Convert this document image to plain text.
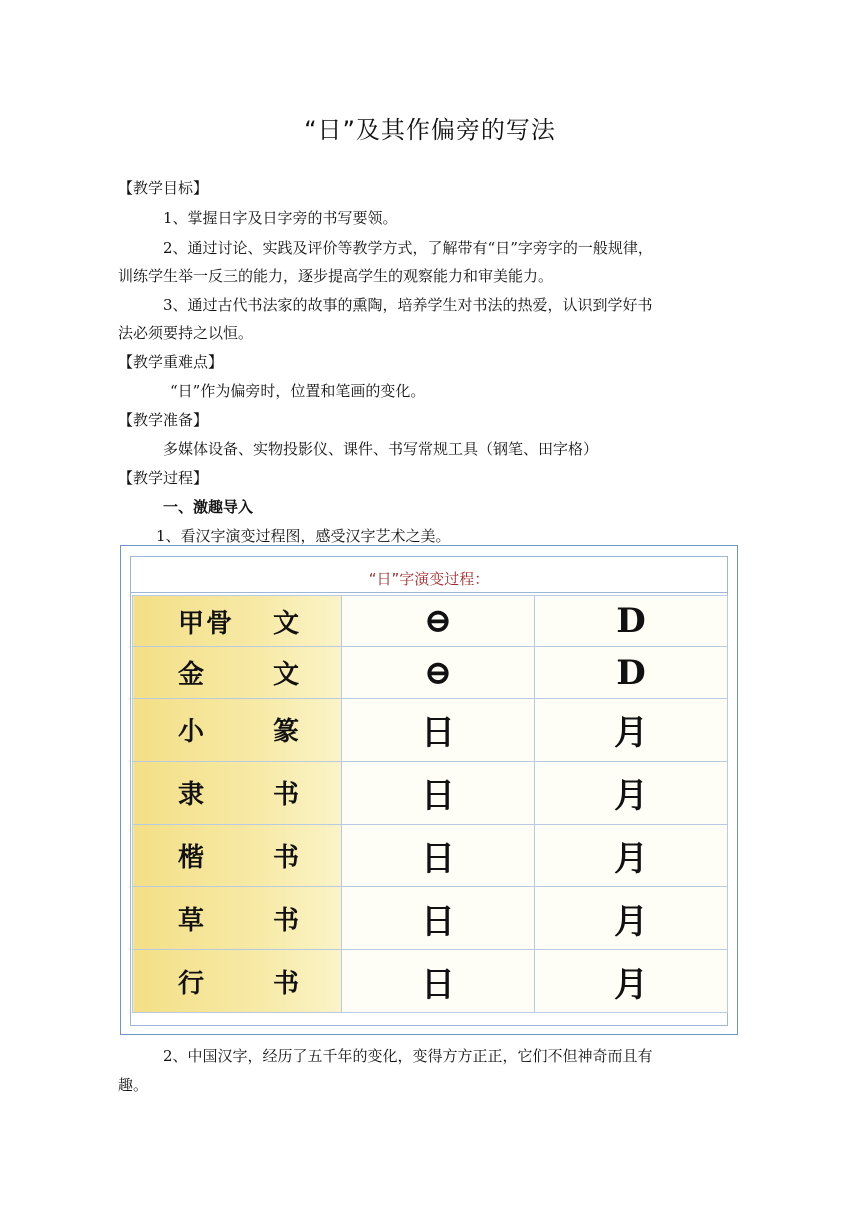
“日”及其作偏旁的写法
【教学目标】
1、掌握日字及日字旁的书写要领。
2、通过讨论、实践及评价等教学方式，了解带有“日”字旁字的一般规律，
训练学生举一反三的能力，逐步提高学生的观察能力和审美能力。
3、通过古代书法家的故事的熏陶，培养学生对书法的热爱，认识到学好书
法必须要持之以恒。
【教学重难点】
“日”作为偏旁时，位置和笔画的变化。
【教学准备】
多媒体设备、实物投影仪、课件、书写常规工具（钢笔、田字格）
【教学过程】
一、激趣导入
1、看汉字演变过程图，感受汉字艺术之美。
“日”字演变过程：
甲骨 文	⊖	D

金 文	⊖	D

小 篆	日	月

隶 书	日	月

楷 书	日	月

草 书	日	月

行 书	日	月
2、中国汉字，经历了五千年的变化，变得方方正正，它们不但神奇而且有
趣。
